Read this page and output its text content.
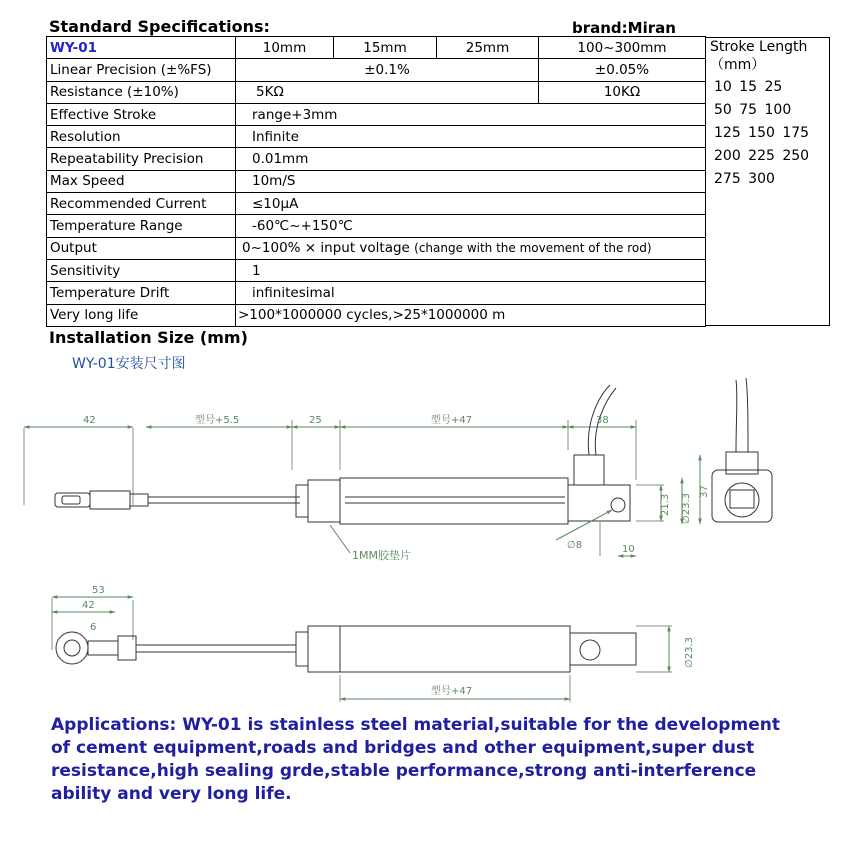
Standard Specifications:	brand:Miran
WY-01	10mm	15mm	25mm	100~300mm
Linear Precision (±%FS)	±0.1%			±0.05%
Resistance (±10%)	5KΩ			10KΩ
Effective Stroke	range+3mm			
Resolution	Infinite			
Repeatability Precision	0.01mm			
Max Speed	10m/S			
Recommended Current	≤10μA			
Temperature Range	-60℃~+150℃			
Output	0~100% × input voltage (change with the movement of the rod)			
Sensitivity	1			
Temperature Drift	infinitesimal			
Very long life	>100*1000000 cycles,>25*1000000 m			
Stroke Length
（mm）
10 15 25
50 75 100
125 150 175
200 225 250
275 300
Installation Size (mm)
WY-01安装尺寸图
42	型号+5.5	25	型号+47	38
21.3 ∅23.3
37
∅8	10
1MM胶垫片
53
42
6
型号+47
∅23.3
Applications: WY-01 is stainless steel material,suitable for the development
of cement equipment,roads and bridges and other equipment,super dust
resistance,high sealing grde,stable performance,strong anti-interference
ability and very long life.
